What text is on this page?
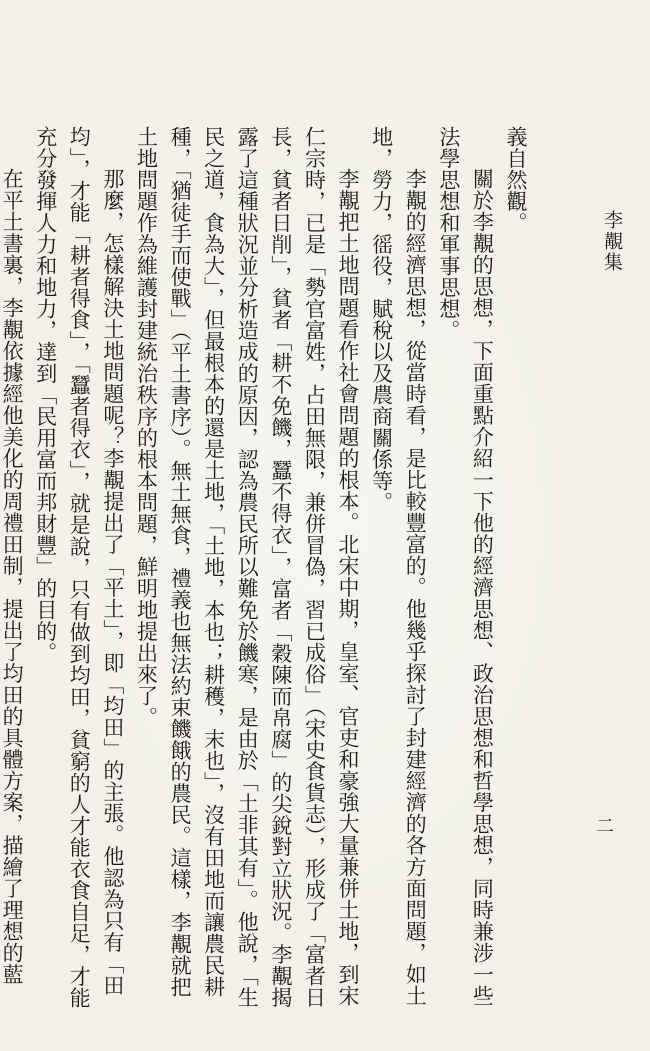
義自然觀。

關於李覯的思想，下面重點介紹一下他的經濟思想、政治思想和哲學思想，同時兼涉一些法學思想和軍事思想。

李覯的經濟思想，從當時看，是比較豐富的。他幾乎探討了封建經濟的各方面問題，如土地，勞力，徭役，賦稅以及農商關係等。

李覯把土地問題看作社會問題的根本。北宋中期，皇室、官吏和豪強大量兼併土地，到宋仁宗時，已是「勢官富姓，占田無限，兼併冒偽，習已成俗」（宋史食貨志），形成了「富者日長，貧者日削」，貧者「耕不免饑，蠶不得衣」，富者「穀陳而帛腐」的尖銳對立狀況。李覯揭露了這種狀況並分析造成的原因，認為農民所以難免於饑寒，是由於「土非其有」。他說，「生民之道，食為大」，但最根本的還是土地，「土地，本也；耕穫，末也」，沒有田地而讓農民耕種，「猶徒手而使戰」（平土書序）。無土無食，禮義也無法約束饑餓的農民。這樣，李覯就把土地問題作為維護封建統治秩序的根本問題，鮮明地提出來了。

那麼，怎樣解決土地問題呢？李覯提出了「平土」，即「均田」的主張。他認為只有「田均」，才能「耕者得食」，「蠶者得衣」，就是說，只有做到均田，貧窮的人才能衣食自足，才能充分發揮人力和地力，達到「民用富而邦財豐」的目的。

在平土書裏，李覯依據經他美化的周禮田制，提出了均田的具體方案，描繪了理想的藍

李覯集
二
